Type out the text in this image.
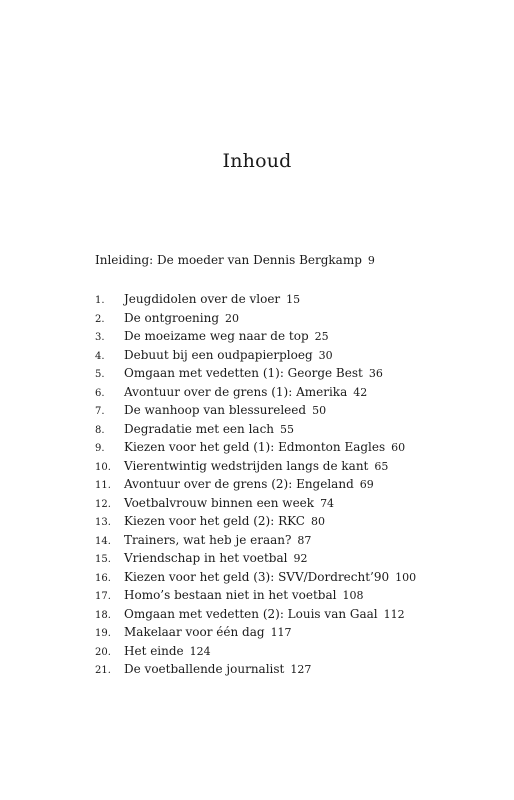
Inhoud
Inleiding: De moeder van Dennis Bergkamp 9
1. Jeugdidolen over de vloer 15
2. De ontgroening 20
3. De moeizame weg naar de top 25
4. Debuut bij een oudpapierploeg 30
5. Omgaan met vedetten (1): George Best 36
6. Avontuur over de grens (1): Amerika 42
7. De wanhoop van blessureleed 50
8. Degradatie met een lach 55
9. Kiezen voor het geld (1): Edmonton Eagles 60
10. Vierentwintig wedstrijden langs de kant 65
11. Avontuur over de grens (2): Engeland 69
12. Voetbalvrouw binnen een week 74
13. Kiezen voor het geld (2): RKC 80
14. Trainers, wat heb je eraan? 87
15. Vriendschap in het voetbal 92
16. Kiezen voor het geld (3): SVV/Dordrecht’90 100
17. Homo’s bestaan niet in het voetbal 108
18. Omgaan met vedetten (2): Louis van Gaal 112
19. Makelaar voor één dag 117
20. Het einde 124
21. De voetballende journalist 127
